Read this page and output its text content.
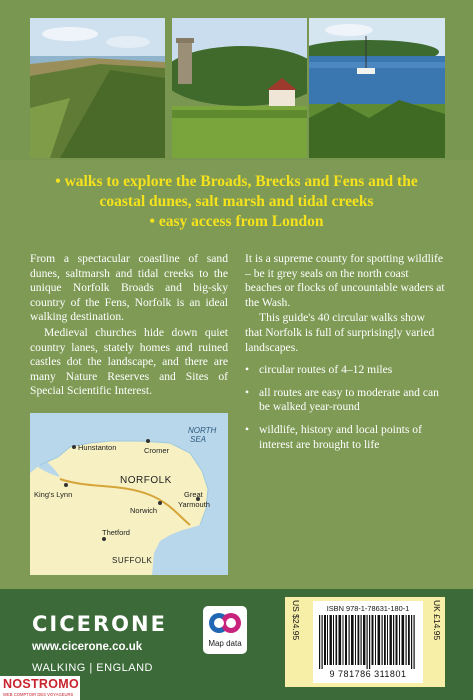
• walks to explore the Broads, Brecks and Fens and the
coastal dunes, salt marsh and tidal creeks
• easy access from London

From a spectacular coastline of sand dunes, saltmarsh and tidal creeks to the unique Norfolk Broads and big-sky country of the Fens, Norfolk is an ideal walking destination.

Medieval churches hide down quiet country lanes, stately homes and ruined castles dot the landscape, and there are many Nature Reserves and Sites of Special Scientific Interest.

It is a supreme county for spotting wildlife – be it grey seals on the north coast beaches or flocks of uncountable waders at the Wash.

This guide's 40 circular walks show that Norfolk is full of surprisingly varied landscapes.

• circular routes of 4–12 miles
• all routes are easy to moderate and can be walked year-round
• wildlife, history and local points of interest are brought to life
NORTH
SEA
Hunstanton	Cromer
NORFOLK
King's Lynn
Norwich
Great
Yarmouth
Thetford
SUFFOLK
CICERONE
www.cicerone.co.uk
WALKING | ENGLAND
Map data
ISBN 978-1-78631-180-1
9 781786 311801
US $24.95	UK £14.95
NOSTROMO
WEB COMPTOIR DES VOYAGEURS
